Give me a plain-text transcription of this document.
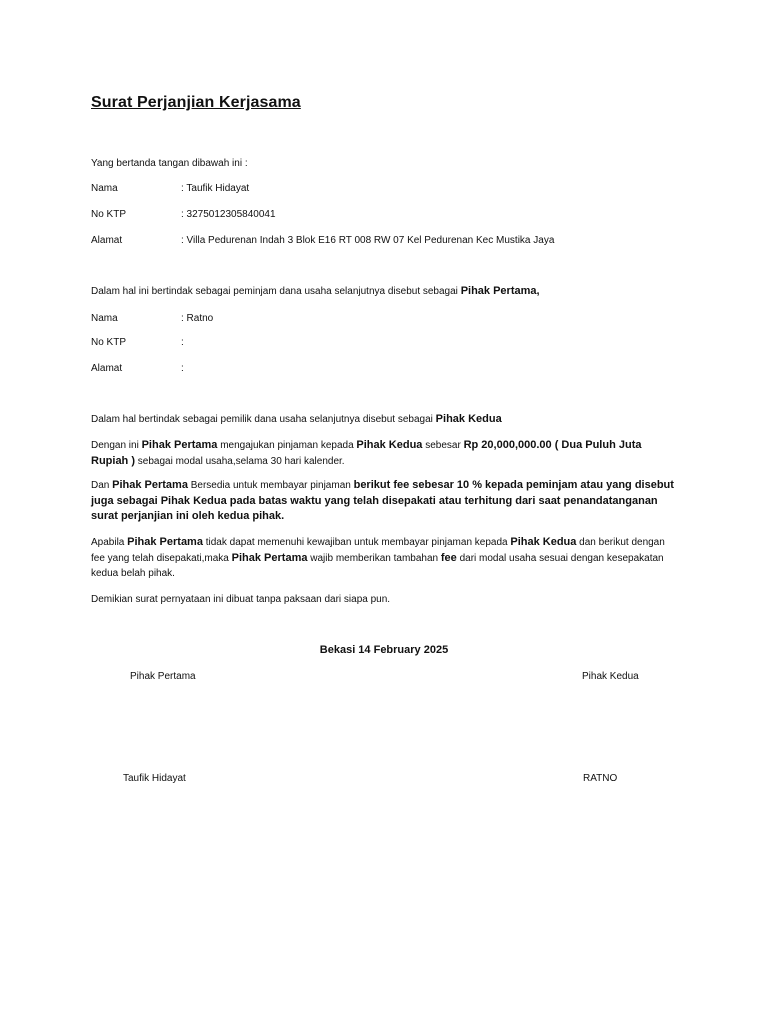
Surat Perjanjian Kerjasama
Yang bertanda tangan dibawah ini :
Nama	: Taufik Hidayat
No KTP	: 3275012305840041
Alamat	: Villa Pedurenan Indah 3 Blok E16 RT 008 RW 07 Kel Pedurenan Kec Mustika Jaya
Dalam hal ini bertindak sebagai peminjam dana usaha selanjutnya disebut sebagai Pihak Pertama,
Nama	: Ratno
No KTP	:
Alamat	:
Dalam hal bertindak sebagai pemilik dana usaha selanjutnya disebut sebagai Pihak Kedua
Dengan ini Pihak Pertama mengajukan pinjaman kepada Pihak Kedua sebesar Rp 20,000,000.00 ( Dua Puluh Juta Rupiah ) sebagai modal usaha,selama 30 hari kalender.
Dan Pihak Pertama Bersedia untuk membayar pinjaman berikut fee sebesar 10 % kepada peminjam atau yang disebut juga sebagai Pihak Kedua pada batas waktu yang telah disepakati atau terhitung dari saat penandatanganan surat perjanjian ini oleh kedua pihak.
Apabila Pihak Pertama tidak dapat memenuhi kewajiban untuk membayar pinjaman kepada Pihak Kedua dan berikut dengan fee yang telah disepakati,maka Pihak Pertama wajib memberikan tambahan fee dari modal usaha sesuai dengan kesepakatan kedua belah pihak.
Demikian surat pernyataan ini dibuat tanpa paksaan dari siapa pun.
Bekasi 14 February 2025
Pihak Pertama	Pihak Kedua
Taufik Hidayat	RATNO
